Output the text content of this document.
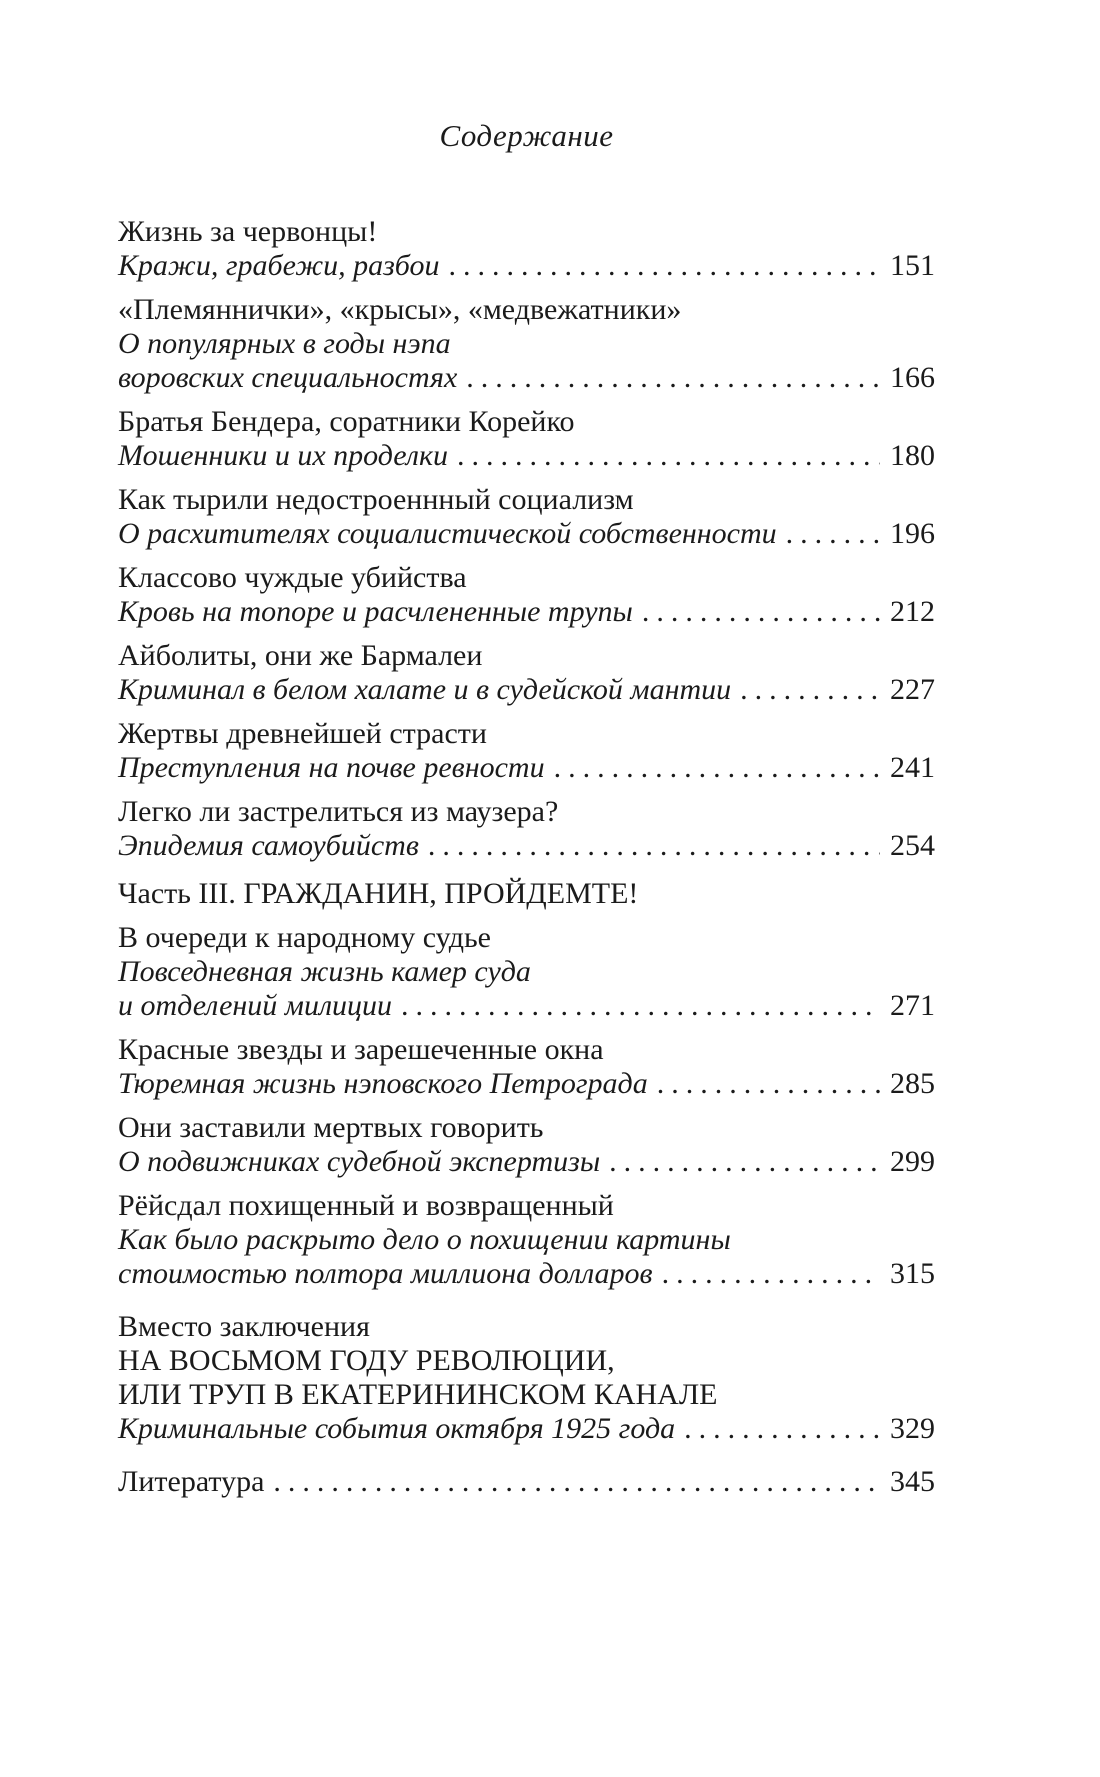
Содержание
Жизнь за червонцы!
Кражи, грабежи, разбои .....	151
«Племяннички», «крысы», «медвежатники»
О популярных в годы нэпа
воровских специальностях .....	166
Братья Бендера, соратники Корейко
Мошенники и их проделки .....	180
Как тырили недостроеннный социализм
О расхитителях социалистической собственности .....	196
Классово чуждые убийства
Кровь на топоре и расчлененные трупы .....	212
Айболиты, они же Бармалеи
Криминал в белом халате и в судейской мантии .....	227
Жертвы древнейшей страсти
Преступления на почве ревности .....	241
Легко ли застрелиться из маузера?
Эпидемия самоубийств .....	254
Часть III. ГРАЖДАНИН, ПРОЙДЕМТЕ!
В очереди к народному судье
Повседневная жизнь камер суда
и отделений милиции .....	271
Красные звезды и зарешеченные окна
Тюремная жизнь нэповского Петрограда .....	285
Они заставили мертвых говорить
О подвижниках судебной экспертизы .....	299
Рёйсдал похищенный и возвращенный
Как было раскрыто дело о похищении картины
стоимостью полтора миллиона долларов .....	315
Вместо заключения
НА ВОСЬМОМ ГОДУ РЕВОЛЮЦИИ,
ИЛИ ТРУП В ЕКАТЕРИНИНСКОМ КАНАЛЕ
Криминальные события октября 1925 года .....	329
Литература .....	345
